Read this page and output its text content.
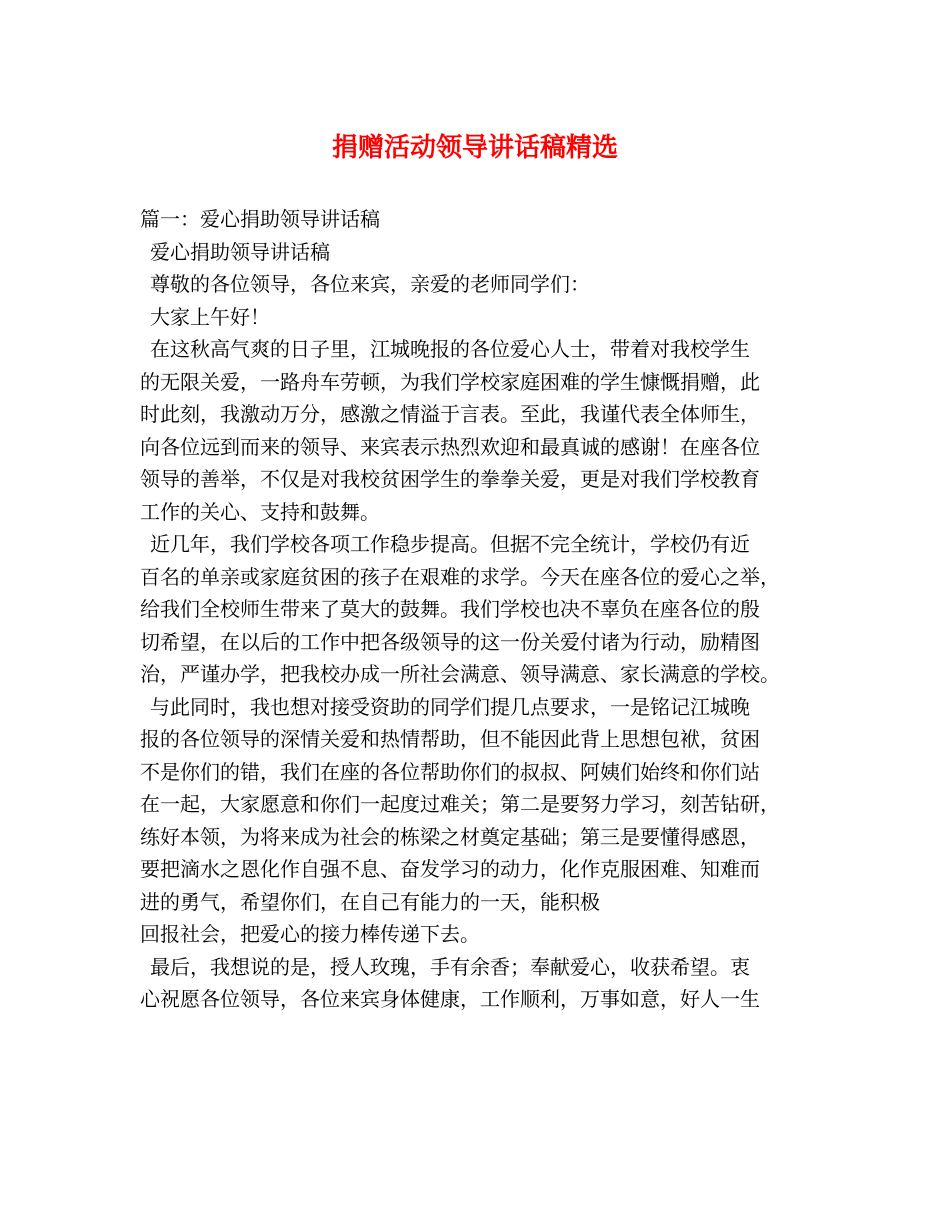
捐赠活动领导讲话稿精选
篇一：爱心捐助领导讲话稿
爱心捐助领导讲话稿
尊敬的各位领导，各位来宾，亲爱的老师同学们：
大家上午好！
在这秋高气爽的日子里，江城晚报的各位爱心人士，带着对我校学生
的无限关爱，一路舟车劳顿，为我们学校家庭困难的学生慷慨捐赠，此
时此刻，我激动万分，感激之情溢于言表。至此，我谨代表全体师生，
向各位远到而来的领导、来宾表示热烈欢迎和最真诚的感谢！在座各位
领导的善举，不仅是对我校贫困学生的拳拳关爱，更是对我们学校教育
工作的关心、支持和鼓舞。
近几年，我们学校各项工作稳步提高。但据不完全统计，学校仍有近
百名的单亲或家庭贫困的孩子在艰难的求学。今天在座各位的爱心之举，
给我们全校师生带来了莫大的鼓舞。我们学校也决不辜负在座各位的殷
切希望，在以后的工作中把各级领导的这一份关爱付诸为行动，励精图
治，严谨办学，把我校办成一所社会满意、领导满意、家长满意的学校。
与此同时，我也想对接受资助的同学们提几点要求，一是铭记江城晚
报的各位领导的深情关爱和热情帮助，但不能因此背上思想包袱，贫困
不是你们的错，我们在座的各位帮助你们的叔叔、阿姨们始终和你们站
在一起，大家愿意和你们一起度过难关；第二是要努力学习，刻苦钻研，
练好本领，为将来成为社会的栋梁之材奠定基础；第三是要懂得感恩，
要把滴水之恩化作自强不息、奋发学习的动力，化作克服困难、知难而
进的勇气，希望你们，在自己有能力的一天，能积极
回报社会，把爱心的接力棒传递下去。
最后，我想说的是，授人玫瑰，手有余香；奉献爱心，收获希望。衷
心祝愿各位领导，各位来宾身体健康，工作顺利，万事如意，好人一生
